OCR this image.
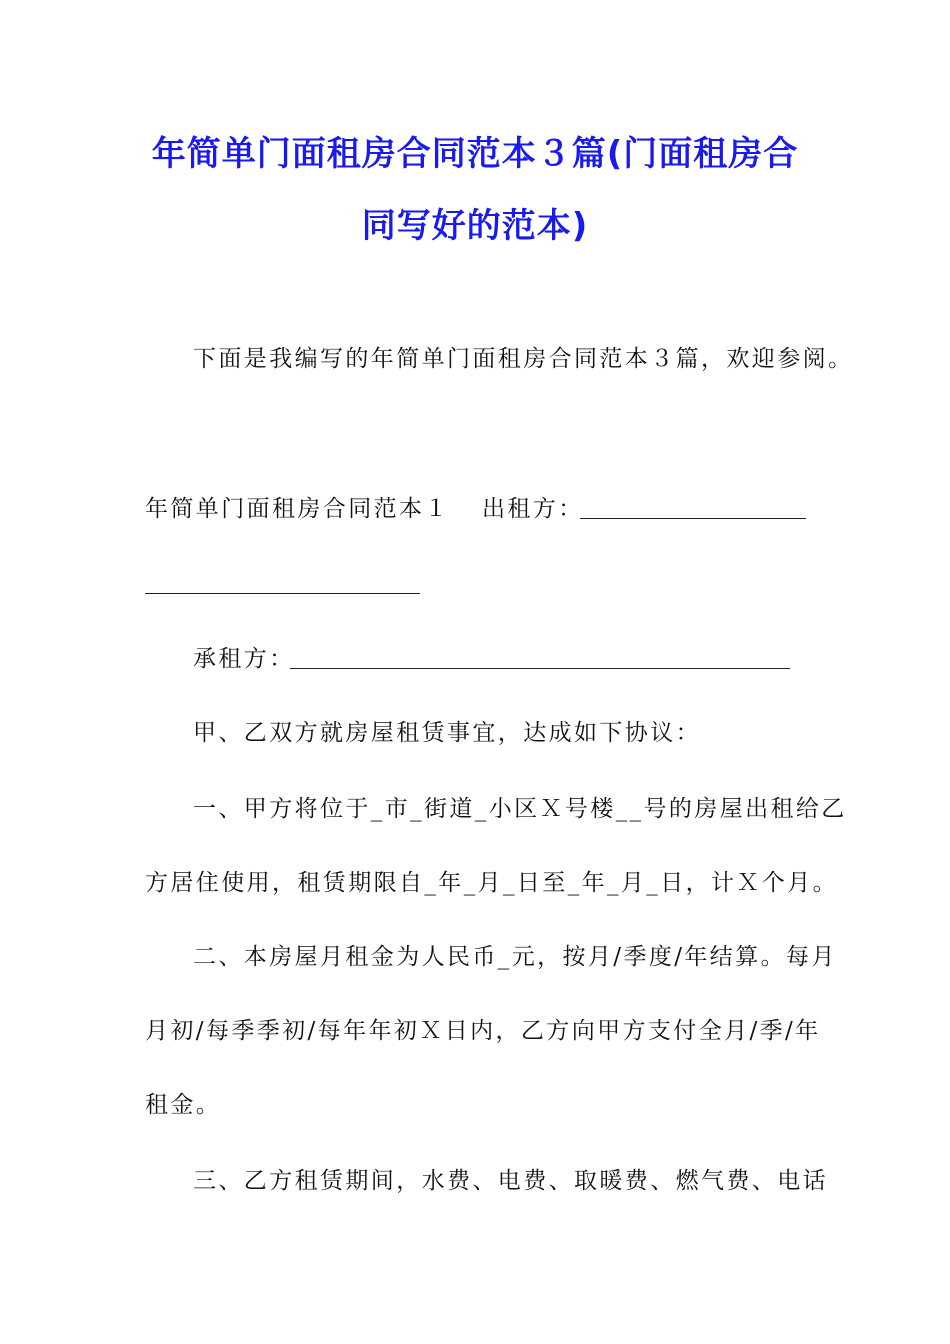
年简单门面租房合同范本３篇(门面租房合
同写好的范本)

下面是我编写的年简单门面租房合同范本３篇，欢迎参阅。

年简单门面租房合同范本１ 出租方：

承租方：

甲、乙双方就房屋租赁事宜，达成如下协议：

一、甲方将位于_市_街道_小区Ｘ号楼__号的房屋出租给乙

方居住使用，租赁期限自_年_月_日至_年_月_日，计Ｘ个月。

二、本房屋月租金为人民币_元，按月/季度/年结算。每月

月初/每季季初/每年年初Ｘ日内，乙方向甲方支付全月/季/年

租金。

三、乙方租赁期间，水费、电费、取暖费、燃气费、电话
